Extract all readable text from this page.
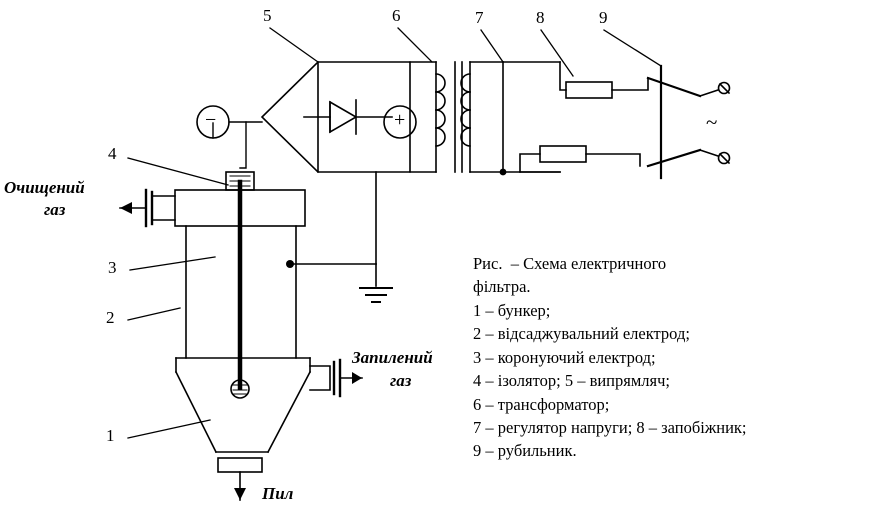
5	6	7	8	9
4
3
2
1
−	+	~
Очищений
газ
Запилений
газ
Пил
Рис.  – Схема електричного
фільтра.
1 – бункер;
2 – відсаджувальний електрод;
3 – коронуючий електрод;
4 – ізолятор; 5 – випрямляч;
6 – трансформатор;
7 – регулятор напруги; 8 – запобіжник;
9 – рубильник.
